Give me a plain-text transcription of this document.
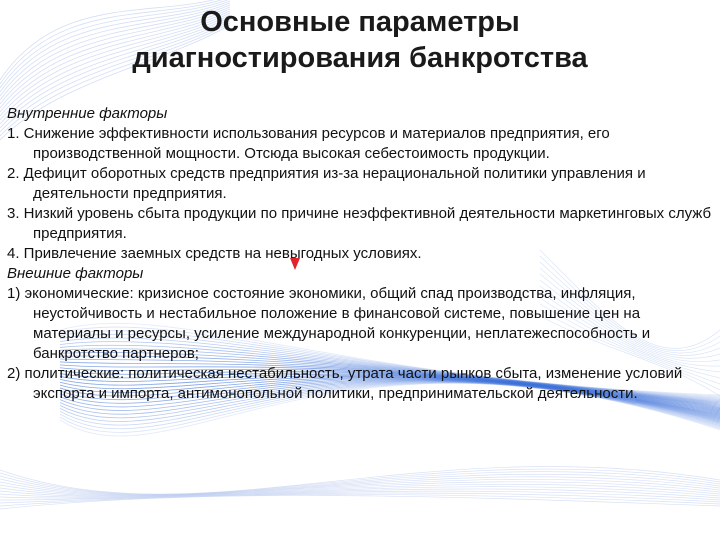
Основные параметры
диагностирования банкротства
Внутренние факторы
1. Снижение эффективности использования ресурсов и материалов предприятия, его производственной мощности. Отсюда высокая себестоимость продукции.
2. Дефицит оборотных средств предприятия из-за нерациональной политики управления и деятельности предприятия.
3. Низкий уровень сбыта продукции по причине неэффективной деятельности маркетинговых служб предприятия.
4. Привлечение заемных средств на невыгодных условиях.
Внешние факторы
1) экономические: кризисное состояние экономики, общий спад производства, инфляция, неустойчивость и нестабильное положение в финансовой системе, повышение цен на материалы и ресурсы, усиление международной конкуренции, неплатежеспособность и банкротство партнеров;
2) политические: политическая нестабильность, утрата части рынков сбыта, изменение условий экспорта и импорта, антимонопольной политики, предпринимательской деятельности.
